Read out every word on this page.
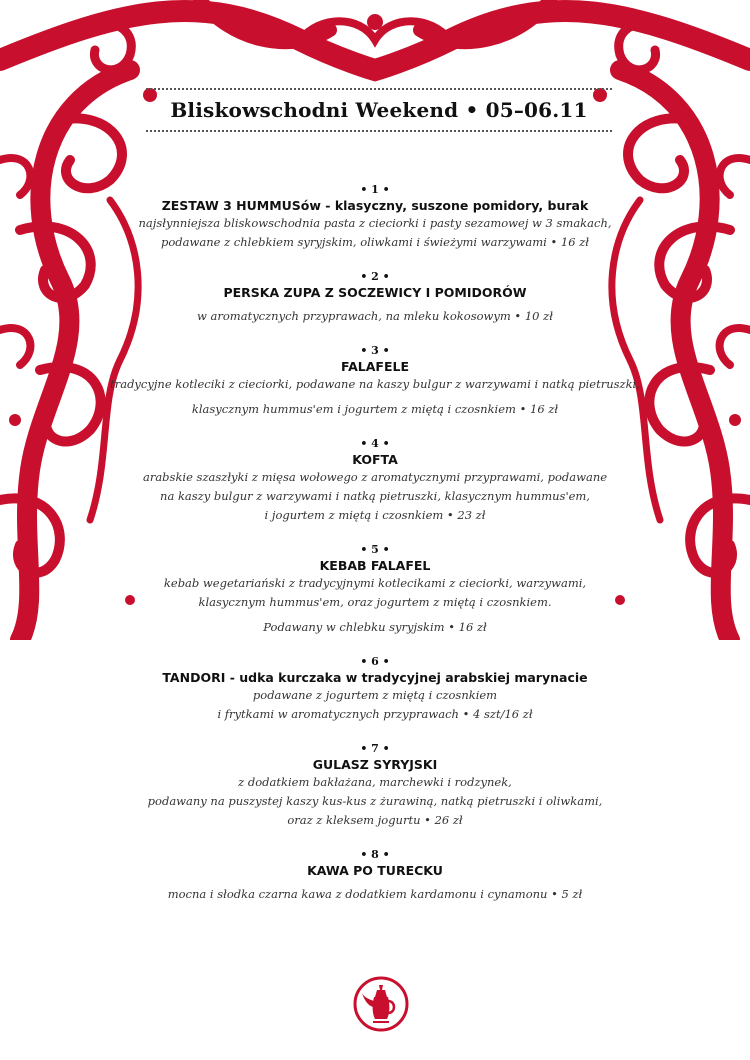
Bliskowschodni Weekend • 05–06.11
• 1 •
ZESTAW 3 HUMMUSów - klasyczny, suszone pomidory, burak
najsłynniejsza bliskowschodnia pasta z cieciorki i pasty sezamowej w 3 smakach,
podawane z chlebkiem syryjskim, oliwkami i świeżymi warzywami • 16 zł
• 2 •
PERSKA ZUPA Z SOCZEWICY I POMIDORÓW
w aromatycznych przyprawach, na mleku kokosowym • 10 zł
• 3 •
FALAFELE
tradycyjne kotleciki z cieciorki, podawane na kaszy bulgur z warzywami i natką pietruszki,
klasycznym hummus'em i jogurtem z miętą i czosnkiem • 16 zł
• 4 •
KOFTA
arabskie szaszłyki z mięsa wołowego z aromatycznymi przyprawami, podawane
na kaszy bulgur z warzywami i natką pietruszki, klasycznym hummus'em,
i jogurtem z miętą i czosnkiem • 23 zł
• 5 •
KEBAB FALAFEL
kebab wegetariański z tradycyjnymi kotlecikami z cieciorki, warzywami,
klasycznym hummus'em, oraz jogurtem z miętą i czosnkiem.
Podawany w chlebku syryjskim • 16 zł
• 6 •
TANDORI - udka kurczaka w tradycyjnej arabskiej marynacie
podawane z jogurtem z miętą i czosnkiem
i frytkami w aromatycznych przyprawach • 4 szt/16 zł
• 7 •
GULASZ SYRYJSKI
z dodatkiem bakłażana, marchewki i rodzynek,
podawany na puszystej kaszy kus-kus z żurawiną, natką pietruszki i oliwkami,
oraz z kleksem jogurtu • 26 zł
• 8 •
KAWA PO TURECKU
mocna i słodka czarna kawa z dodatkiem kardamonu i cynamonu • 5 zł
